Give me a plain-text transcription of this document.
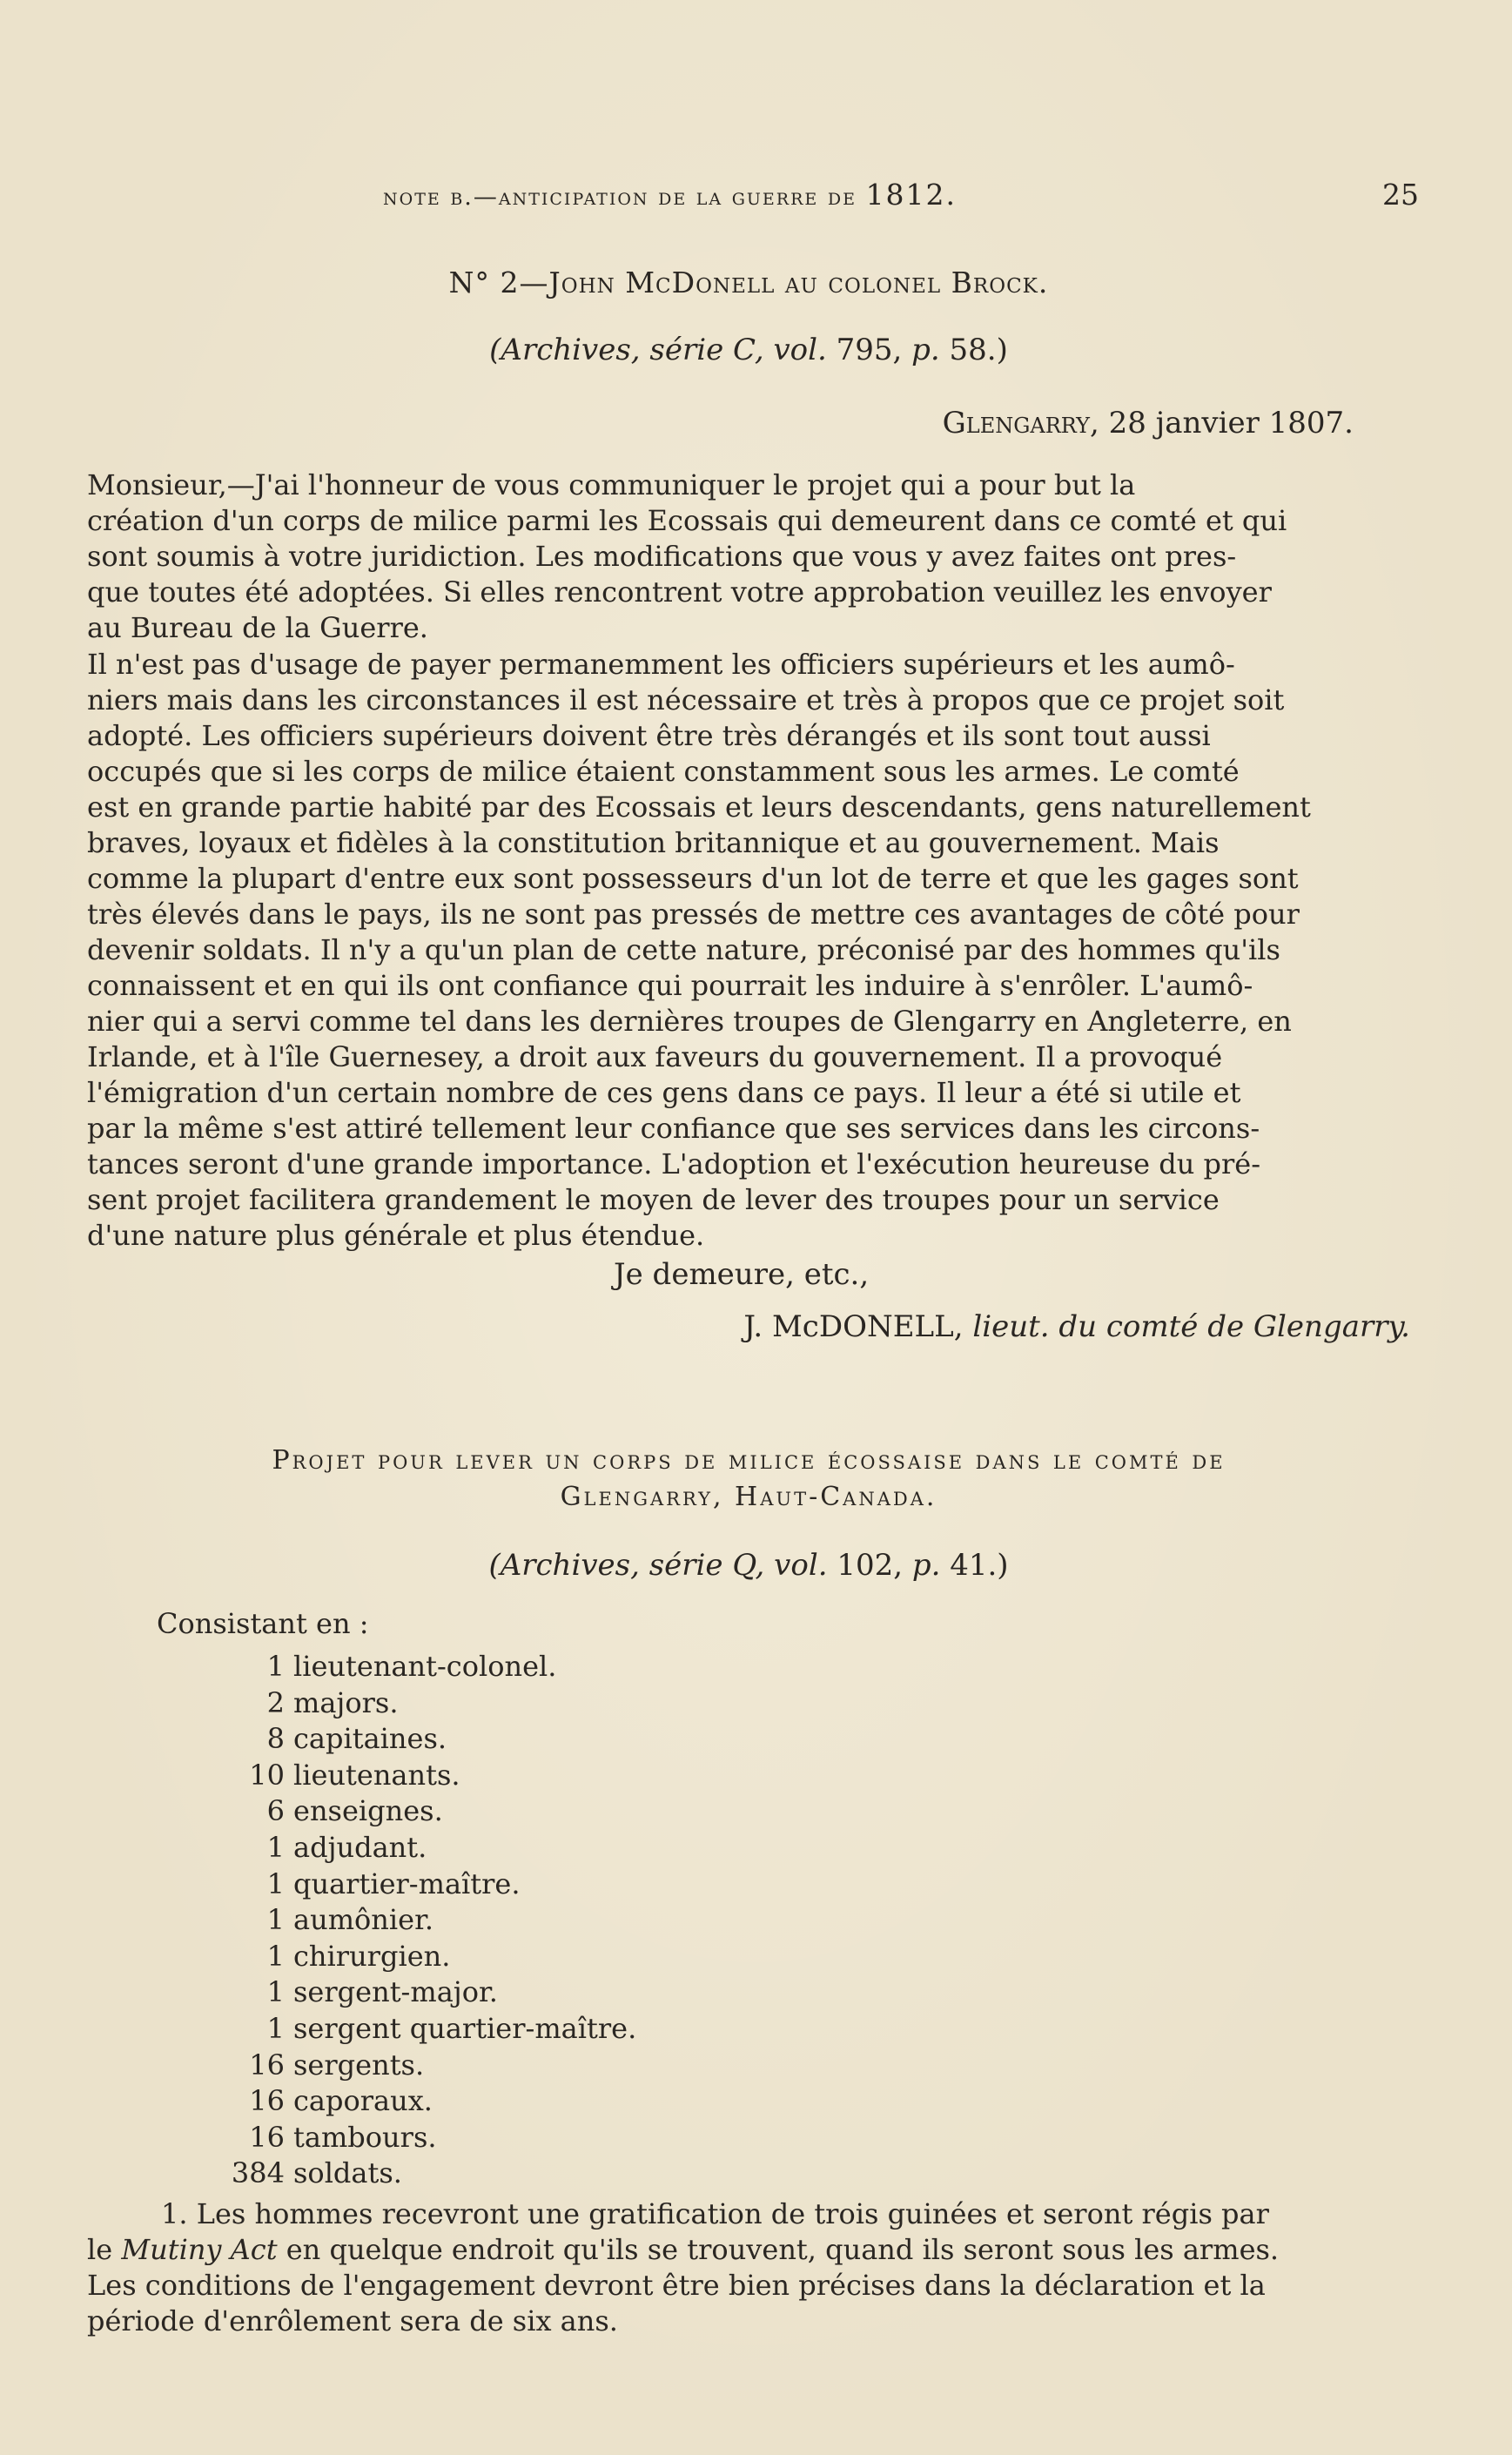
note b.—anticipation de la guerre de 1812.	25
N° 2—John McDonell au colonel Brock.
(Archives, série C, vol. 795, p. 58.)
Glengarry, 28 janvier 1807.
Monsieur,—J'ai l'honneur de vous communiquer le projet qui a pour but la
création d'un corps de milice parmi les Ecossais qui demeurent dans ce comté et qui
sont soumis à votre juridiction. Les modifications que vous y avez faites ont pres-
que toutes été adoptées. Si elles rencontrent votre approbation veuillez les envoyer
au Bureau de la Guerre.
Il n'est pas d'usage de payer permanemment les officiers supérieurs et les aumô-
niers mais dans les circonstances il est nécessaire et très à propos que ce projet soit
adopté. Les officiers supérieurs doivent être très dérangés et ils sont tout aussi
occupés que si les corps de milice étaient constamment sous les armes. Le comté
est en grande partie habité par des Ecossais et leurs descendants, gens naturellement
braves, loyaux et fidèles à la constitution britannique et au gouvernement. Mais
comme la plupart d'entre eux sont possesseurs d'un lot de terre et que les gages sont
très élevés dans le pays, ils ne sont pas pressés de mettre ces avantages de côté pour
devenir soldats. Il n'y a qu'un plan de cette nature, préconisé par des hommes qu'ils
connaissent et en qui ils ont confiance qui pourrait les induire à s'enrôler. L'aumô-
nier qui a servi comme tel dans les dernières troupes de Glengarry en Angleterre, en
Irlande, et à l'île Guernesey, a droit aux faveurs du gouvernement. Il a provoqué
l'émigration d'un certain nombre de ces gens dans ce pays. Il leur a été si utile et
par la même s'est attiré tellement leur confiance que ses services dans les circons-
tances seront d'une grande importance. L'adoption et l'exécution heureuse du pré-
sent projet facilitera grandement le moyen de lever des troupes pour un service
d'une nature plus générale et plus étendue.
Je demeure, etc.,
J. McDONELL, lieut. du comté de Glengarry.
Projet pour lever un corps de milice écossaise dans le comté de
Glengarry, Haut-Canada.
(Archives, série Q, vol. 102, p. 41.)
Consistant en :
1 lieutenant-colonel.
2 majors.
8 capitaines.
10 lieutenants.
6 enseignes.
1 adjudant.
1 quartier-maître.
1 aumônier.
1 chirurgien.
1 sergent-major.
1 sergent quartier-maître.
16 sergents.
16 caporaux.
16 tambours.
384 soldats.
1. Les hommes recevront une gratification de trois guinées et seront régis par
le Mutiny Act en quelque endroit qu'ils se trouvent, quand ils seront sous les armes.
Les conditions de l'engagement devront être bien précises dans la déclaration et la
période d'enrôlement sera de six ans.
